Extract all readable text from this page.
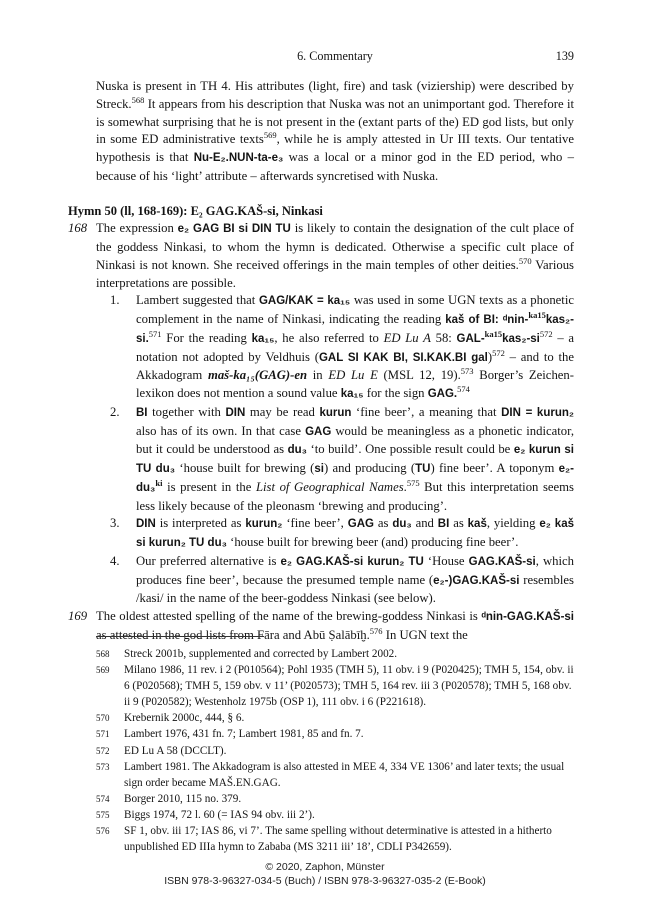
6. Commentary	139

Nuska is present in TH 4. His attributes (light, fire) and task (viziership) were described by Streck.$^{568}$ It appears from his description that Nuska was not an unimportant god. Therefore it is somewhat surprising that he is not present in the (extant parts of the) ED god lists, but only in some ED administrative texts$^{569}$, while he is amply attested in Ur III texts. Our tentative hypothesis is that Nu-E₂.NUN-ta-e₃ was a local or a minor god in the ED period, who – because of his ‘light’ attribute – afterwards syncretised with Nuska.

Hymn 50 (ll, 168-169): E₂ GAG.KAŠ-si, Ninkasi
168 The expression e₂ GAG BI si DIN TU is likely to contain the designation of the cult place of the goddess Ninkasi, to whom the hymn is dedicated. Otherwise a specific cult place of Ninkasi is not known. She received offerings in the main temples of other deities.$^{570}$ Various interpretations are possible.

1. Lambert suggested that GAG/KAK = ka₁₅ was used in some UGN texts as a phonetic complement in the name of Ninkasi, indicating the reading kaš of BI: ᵈnin-$^{ka15}$kas₂-si.$^{571}$ For the reading ka₁₅, he also referred to ED Lu A 58: GAL-$^{ka15}kas_2-si^{572}$ – a notation not adopted by Veldhuis (GAL SI KAK BI, SI.KAK.BI gal)$^{572}$ – and to the Akkadogram maš-ka₁₅(GAG)-en in ED Lu E (MSL 12, 19).$^{573}$ Borger’s Zeichen-lexikon does not mention a sound value ka₁₅ for the sign GAG.$^{574}$
2. BI together with DIN may be read kurun ‘fine beer’, a meaning that DIN = kurun₂ also has of its own. In that case GAG would be meaningless as a phonetic indicator, but it could be understood as du₃ ‘to build’. One possible result could be e₂ kurun si TU du₃ ‘house built for brewing (si) and producing (TU) fine beer’. A toponym e₂-du₃$^{ki}$ is present in the List of Geographical Names.$^{575}$ But this interpretation seems less likely because of the pleonasm ‘brewing and producing’.
3. DIN is interpreted as kurun₂ ‘fine beer’, GAG as du₃ and BI as kaš, yielding e₂ kaš si kurun₂ TU du₃ ‘house built for brewing beer (and) producing fine beer’.
4. Our preferred alternative is e₂ GAG.KAŠ-si kurun₂ TU ‘House GAG.KAŠ-si, which produces fine beer’, because the presumed temple name (e₂-)GAG.KAŠ-si resembles /kasi/ in the name of the beer-goddess Ninkasi (see below).
169 The oldest attested spelling of the name of the brewing-goddess Ninkasi is ᵈnin-GAG.KAŠ-si as attested in the god lists from Fāra and Abū Ṣalābīḫ.$^{576}$ In UGN text the

568 Streck 2001b, supplemented and corrected by Lambert 2002.
569 Milano 1986, 11 rev. i 2 (P010564); Pohl 1935 (TMH 5), 11 obv. i 9 (P020425); TMH 5, 154, obv. ii 6 (P020568); TMH 5, 159 obv. v 11’ (P020573); TMH 5, 164 rev. iii 3 (P020578); TMH 5, 168 obv. ii 9 (P020582); Westenholz 1975b (OSP 1), 111 obv. i 6 (P221618).
570 Krebernik 2000c, 444, § 6.
571 Lambert 1976, 431 fn. 7; Lambert 1981, 85 and fn. 7.
572 ED Lu A 58 (DCCLT).
573 Lambert 1981. The Akkadogram is also attested in MEE 4, 334 VE 1306’ and later texts; the usual sign order became MAŠ.EN.GAG.
574 Borger 2010, 115 no. 379.
575 Biggs 1974, 72 l. 60 (= IAS 94 obv. iii 2’).
576 SF 1, obv. iii 17; IAS 86, vi 7’. The same spelling without determinative is attested in a hitherto unpublished ED IIIa hymn to Zababa (MS 3211 iii’ 18’, CDLI P342659).
© 2020, Zaphon, Münster
ISBN 978-3-96327-034-5 (Buch) / ISBN 978-3-96327-035-2 (E-Book)
